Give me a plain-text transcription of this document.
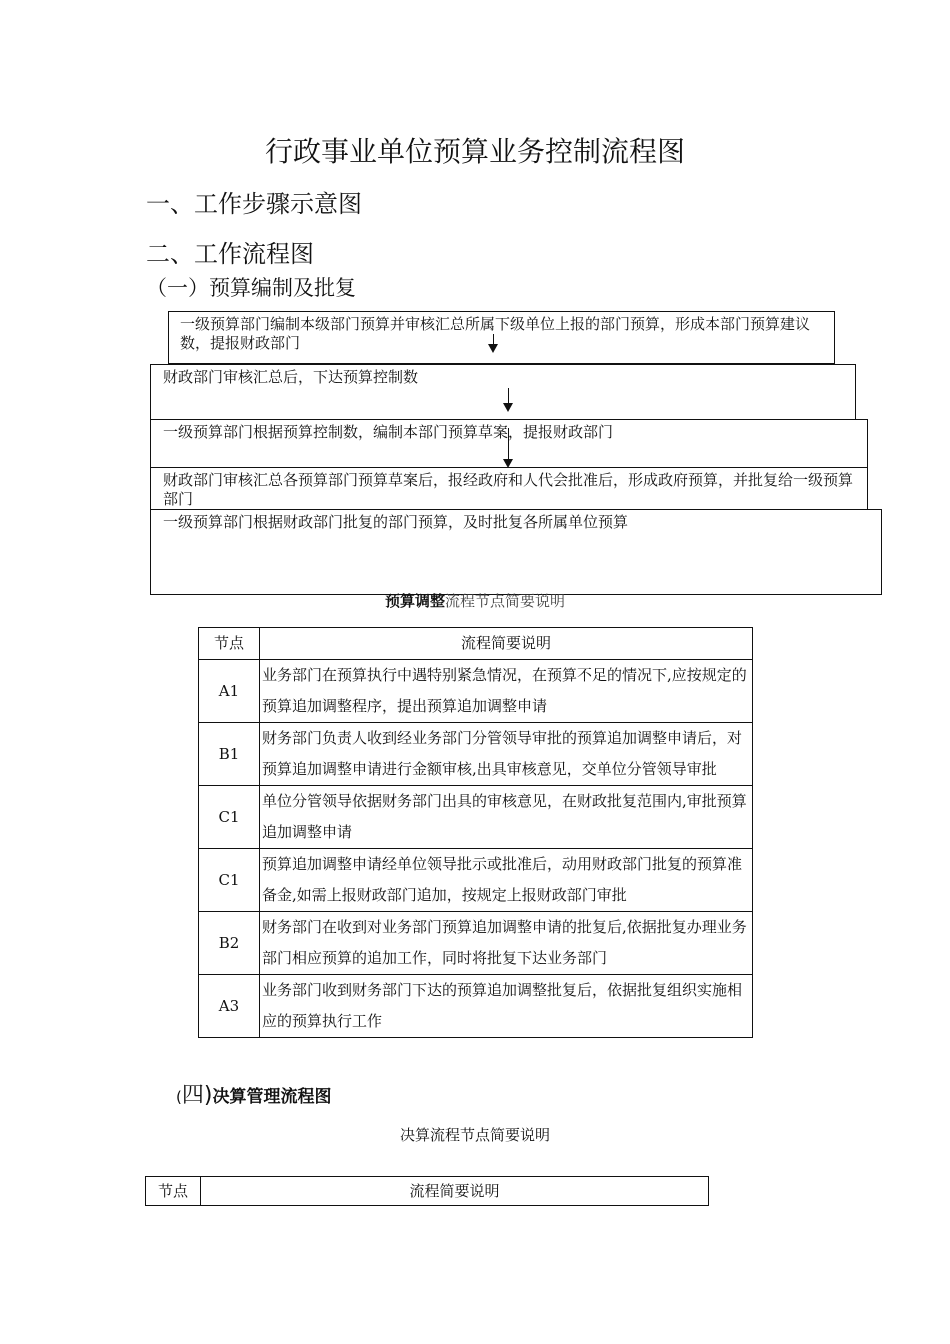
行政事业单位预算业务控制流程图
一、工作步骤示意图
二、工作流程图
（一）预算编制及批复
一级预算部门编制本级部门预算并审核汇总所属下级单位上报的部门预算，形成本部门预算建议数，提报财政部门
财政部门审核汇总后，下达预算控制数
一级预算部门根据预算控制数，编制本部门预算草案，提报财政部门
财政部门审核汇总各预算部门预算草案后，报经政府和人代会批准后，形成政府预算，并批复给一级预算部门
一级预算部门根据财政部门批复的部门预算，及时批复各所属单位预算
预算调整流程节点简要说明
节点	流程简要说明
A1	业务部门在预算执行中遇特别紧急情况，在预算不足的情况下,应按规定的预算追加调整程序，提出预算追加调整申请
B1	财务部门负责人收到经业务部门分管领导审批的预算追加调整申请后，对预算追加调整申请进行金额审核,出具审核意见，交单位分管领导审批
C1	单位分管领导依据财务部门出具的审核意见，在财政批复范围内,审批预算追加调整申请
C1	预算追加调整申请经单位领导批示或批准后，动用财政部门批复的预算准备金,如需上报财政部门追加，按规定上报财政部门审批
B2	财务部门在收到对业务部门预算追加调整申请的批复后,依据批复办理业务部门相应预算的追加工作，同时将批复下达业务部门
A3	业务部门收到财务部门下达的预算追加调整批复后，依据批复组织实施相应的预算执行工作
(四)决算管理流程图
决算流程节点简要说明
节点	流程简要说明
